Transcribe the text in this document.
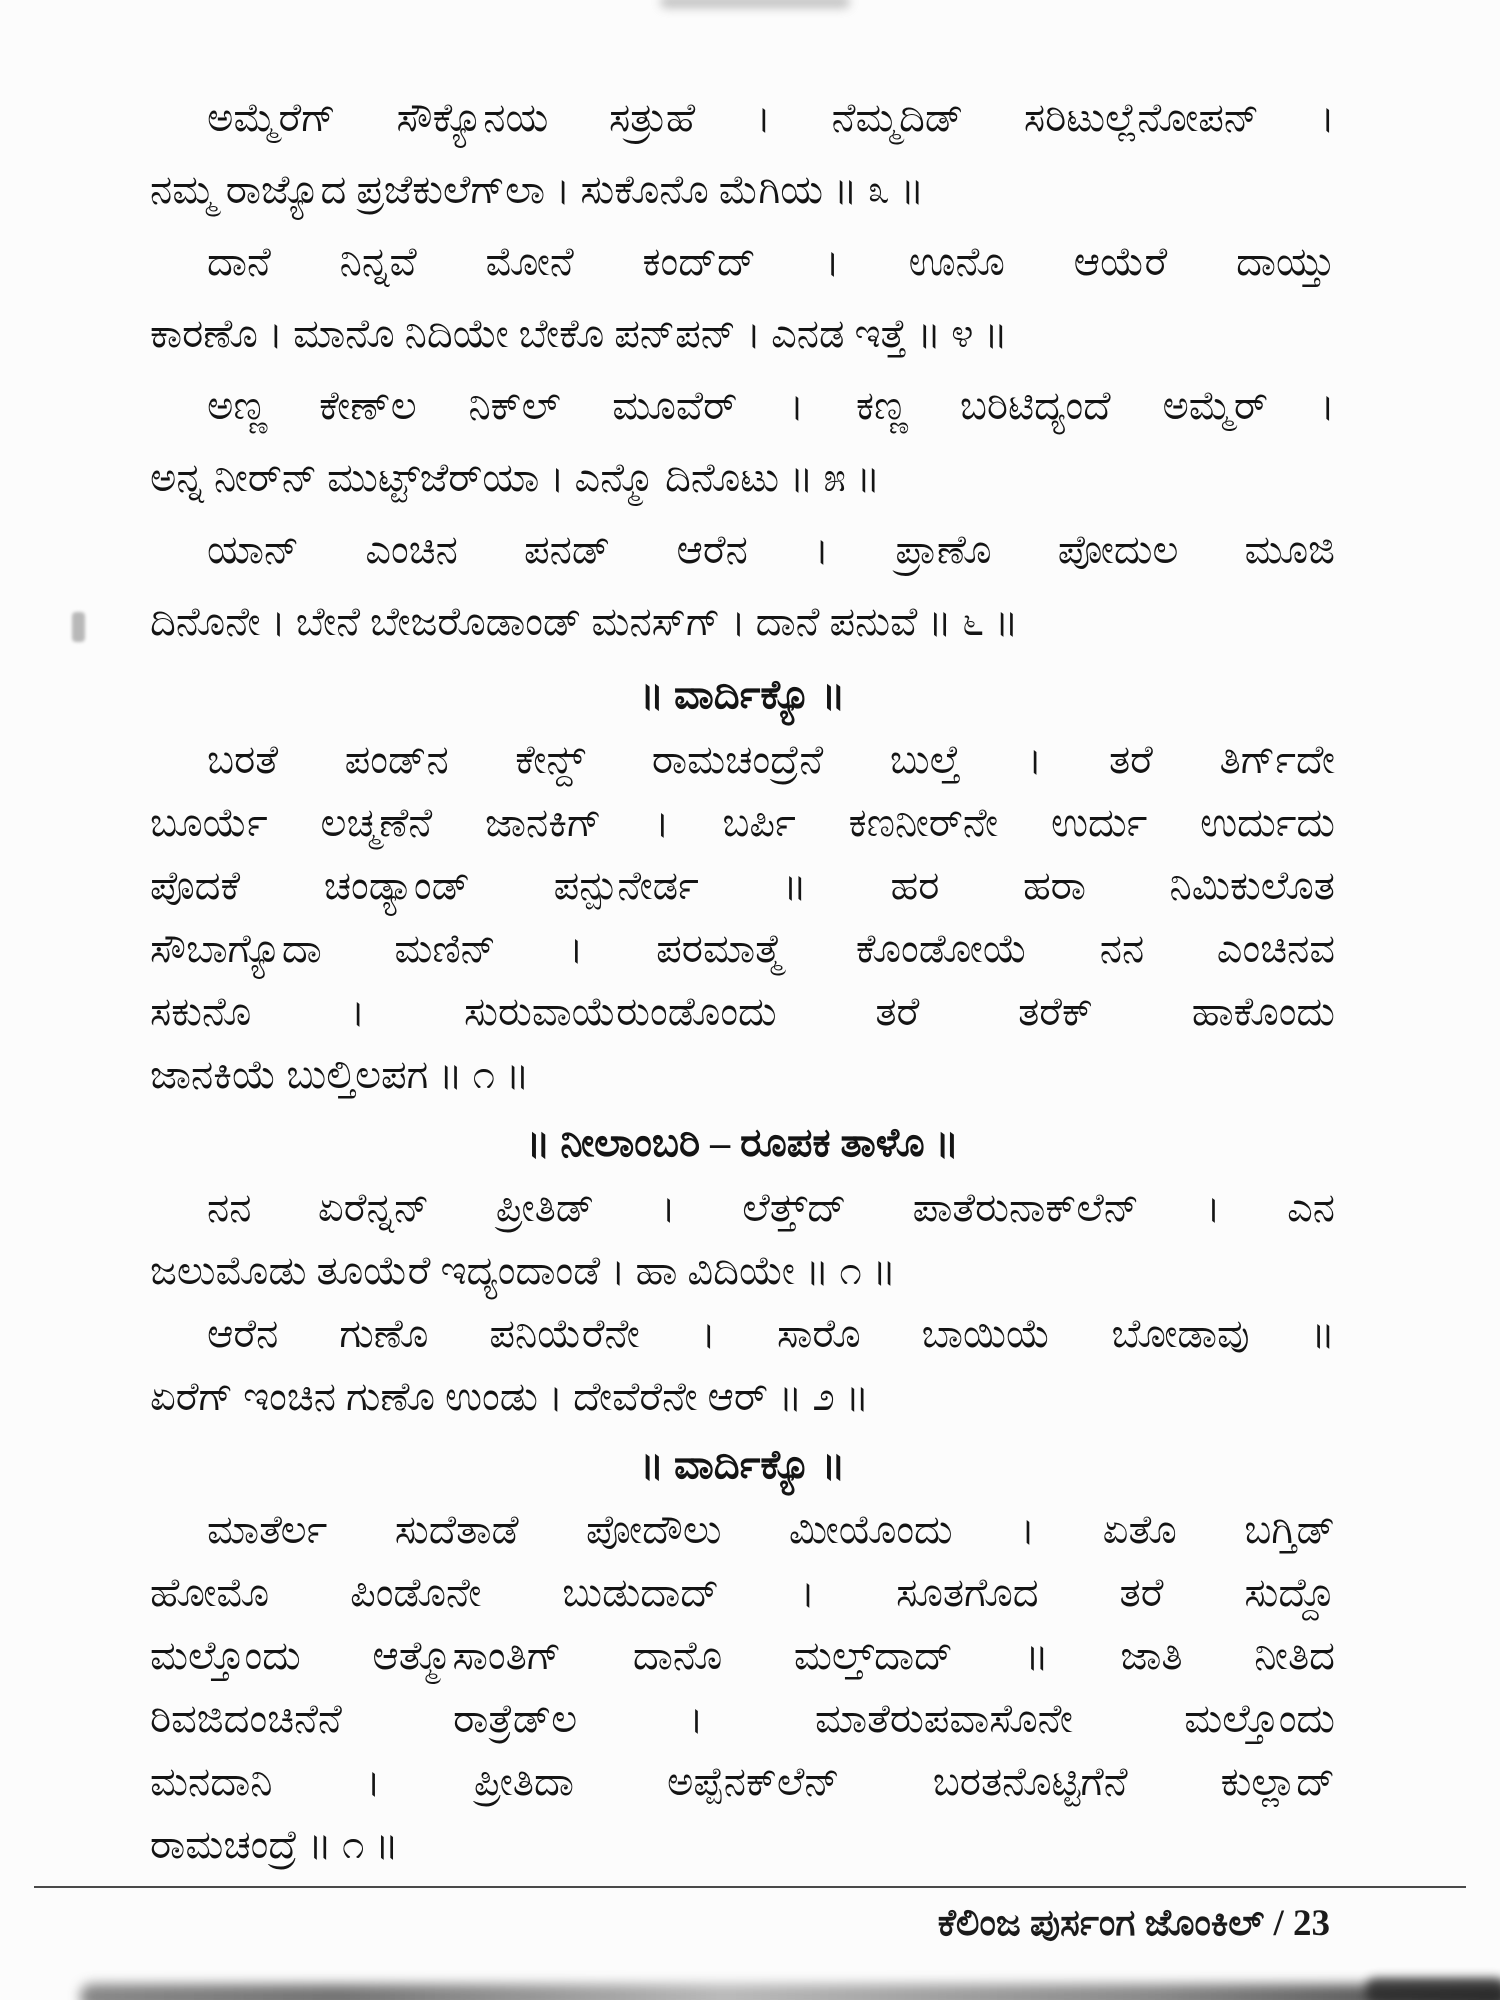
ಅಮ್ಮೆರೆಗ್ ಸೌಕ್ಯೊನಯ ಸತ್ರುಹೆ । ನೆಮ್ಮದಿಡ್ ಸರಿಟುಲ್ಲೆನೋಪನ್ ।
ನಮ್ಮ ರಾಜ್ಯೊದ ಪ್ರಜೆಕುಲೆಗ್‌ಲಾ । ಸುಕೊನೊ ಮೆಗಿಯ ॥ ೩ ॥
ದಾನೆ ನಿನ್ನವೆ ಮೋನೆ ಕಂದ್‌ದ್ । ಊನೊ ಆಯೆರೆ ದಾಯ್ತು
ಕಾರಣೊ । ಮಾನೊ ನಿದಿಯೇ ಬೇಕೊ ಪನ್‌ಪನ್ । ಎನಡ ಇತ್ತೆ ॥ ೪ ॥
ಅಣ್ಣ ಕೇಣ್‌ಲ ನಿಕ್‌ಲ್ ಮೂವೆರ್ । ಕಣ್ಣ ಬರಿಟಿದ್ಯಂದೆ ಅಮ್ಮೆರ್ ।
ಅನ್ನ ನೀರ್‌ನ್ ಮುಟ್ಟ್‌ಜೆರ್‌ಯಾ । ಎನ್ಮೊ ದಿನೊಟು ॥ ೫ ॥
ಯಾನ್ ಎಂಚಿನ ಪನಡ್ ಆರೆನ । ಪ್ರಾಣೊ ಪೋದುಲ ಮೂಜಿ
ದಿನೊನೇ । ಬೇನೆ ಬೇಜರೊಡಾಂಡ್ ಮನಸ್‌ಗ್ । ದಾನೆ ಪನುವೆ ॥ ೬ ॥
॥ ವಾರ್ದಿಕ್ಯೊ ॥
ಬರತೆ ಪಂಡ್‌ನ ಕೇನ್ದ್ ರಾಮಚಂದ್ರೆನೆ ಬುಲ್ತೆ । ತರೆ ತಿರ್ಗ್‌ದೇ
ಬೂರ್ಯೆ ಲಚ್ಮಣೆನೆ ಜಾನಕಿಗ್ । ಬರ್ಪಿ ಕಣನೀರ್‌ನೇ ಉರ್ದು ಉರ್ದುದು
ಪೊದಕೆ ಚಂಡ್ಯಾಂಡ್ ಪನ್ಪುನೇರ್ಡ ॥ ಹರ ಹರಾ ನಿಮಿಕುಲೊತ
ಸೌಬಾಗ್ಯೊದಾ ಮಣಿನ್ । ಪರಮಾತ್ಮೆ ಕೊಂಡೋಯೆ ನನ ಎಂಚಿನವ
ಸಕುನೊ । ಸುರುವಾಯೆರುಂಡೊಂದು ತರೆ ತರೆಕ್ ಹಾಕೊಂದು
ಜಾನಕಿಯೆ ಬುಲ್ತಿಲಪಗ ॥ ೧ ॥
॥ ನೀಲಾಂಬರಿ – ರೂಪಕ ತಾಳೊ ॥
ನನ ಏರೆನ್ನನ್ ಪ್ರೀತಿಡ್ । ಲೆತ್ತ್‌ದ್ ಪಾತೆರುನಾಕ್‌ಲೆನ್ । ಎನ
ಜಲುಮೊಡು ತೂಯೆರೆ ಇದ್ಯಂದಾಂಡೆ । ಹಾ ವಿದಿಯೇ ॥ ೧ ॥
ಆರೆನ ಗುಣೊ ಪನಿಯೆರೆನೇ । ಸಾರೊ ಬಾಯಿಯೆ ಬೋಡಾವು ॥
ಏರೆಗ್ ಇಂಚಿನ ಗುಣೊ ಉಂಡು । ದೇವೆರೆನೇ ಆರ್ ॥ ೨ ॥
॥ ವಾರ್ದಿಕ್ಯೊ ॥
ಮಾತೆರ್ಲ ಸುದೆತಾಡೆ ಪೋದೌಲು ಮೀಯೊಂದು । ಏತೊ ಬಗ್ತಿಡ್
ಹೋಮೊ ಪಿಂಡೊನೇ ಬುಡುದಾದ್ । ಸೂತಗೊದ ತರೆ ಸುದ್ದೊ
ಮಲ್ತೊಂದು ಆತ್ಮೊಸಾಂತಿಗ್ ದಾನೊ ಮಲ್ತ್‌ದಾದ್ ॥ ಜಾತಿ ನೀತಿದ
ರಿವಜಿದಂಚಿನೆನೆ ರಾತ್ರೆಡ್‌ಲ । ಮಾತೆರುಪವಾಸೊನೇ ಮಲ್ತೊಂದು
ಮನದಾನಿ । ಪ್ರೀತಿದಾ ಅಪ್ಪೆನಕ್‌ಲೆನ್ ಬರತನೊಟ್ಟಿಗೆನೆ ಕುಲ್ಲಾದ್
ರಾಮಚಂದ್ರೆ ॥ ೧ ॥
ಕೆಲಿಂಜ ಪುರ್ಸಂಗ ಜೊಂಕಿಲ್ / 23
